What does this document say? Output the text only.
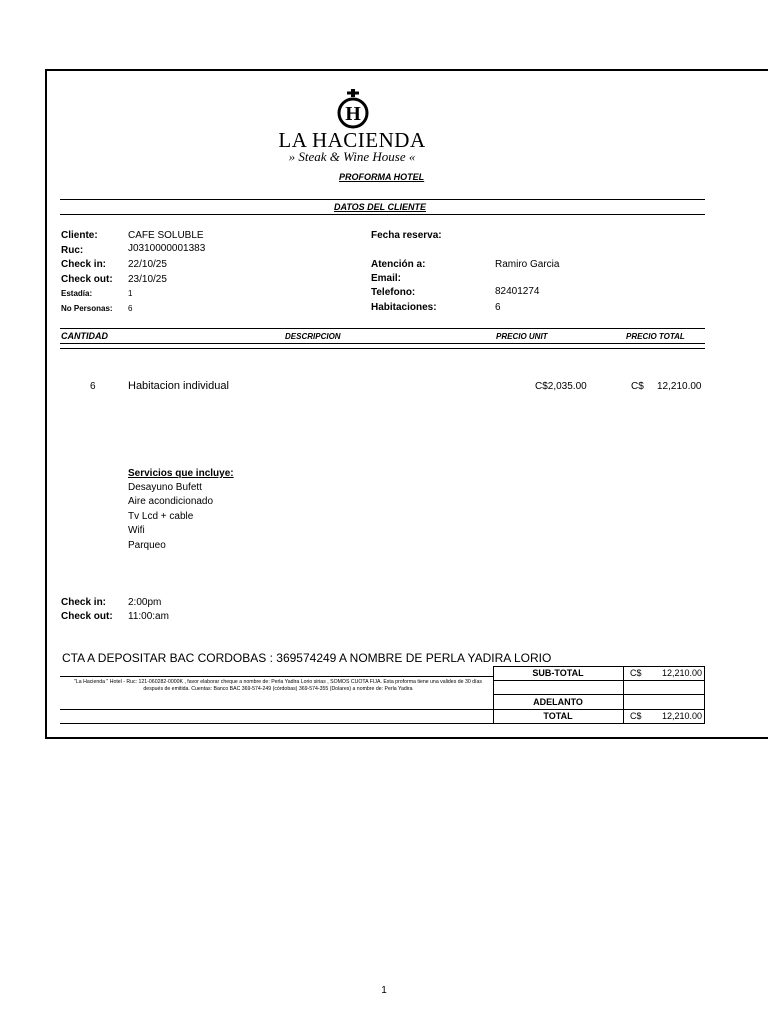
H
LA HACIENDA
» Steak & Wine House «
PROFORMA HOTEL
DATOS DEL CLIENTE
Cliente:	CAFE SOLUBLE
Ruc:	J0310000001383
Check in: 22/10/25
Check out: 23/10/25
Estadía:	1
No Personas: 6
Fecha reserva:
Atención a:	Ramiro Garcia
Email:
Telefono:	82401274
Habitaciones:	6
CANTIDAD	DESCRIPCION	PRECIO UNIT	PRECIO TOTAL
6	Habitacion individual	C$2,035.00	C$ 12,210.00
Servicios que incluye:
Desayuno Bufett
Aire acondicionado
Tv Lcd + cable
Wifi
Parqueo
Check in: 2:00pm
Check out: 11:00:am
CTA A DEPOSITAR BAC CORDOBAS : 369574249 A NOMBRE DE PERLA YADIRA LORIO
"La Hacienda " Hotel - Ruc: 121-060282-0000K , favor elaborar cheque a nombre de: Perla Yadira Lorio sirias , SOMOS CUOTA FIJA. Esta proforma tiene una valides de 30 días después de emitida. Cuentas: Banco BAC 369-574-249 (córdobas) 369-574-355 (Dolares) a nombre de: Perla Yadira
SUB-TOTAL	C$ 12,210.00
ADELANTO
TOTAL	C$ 12,210.00
1
